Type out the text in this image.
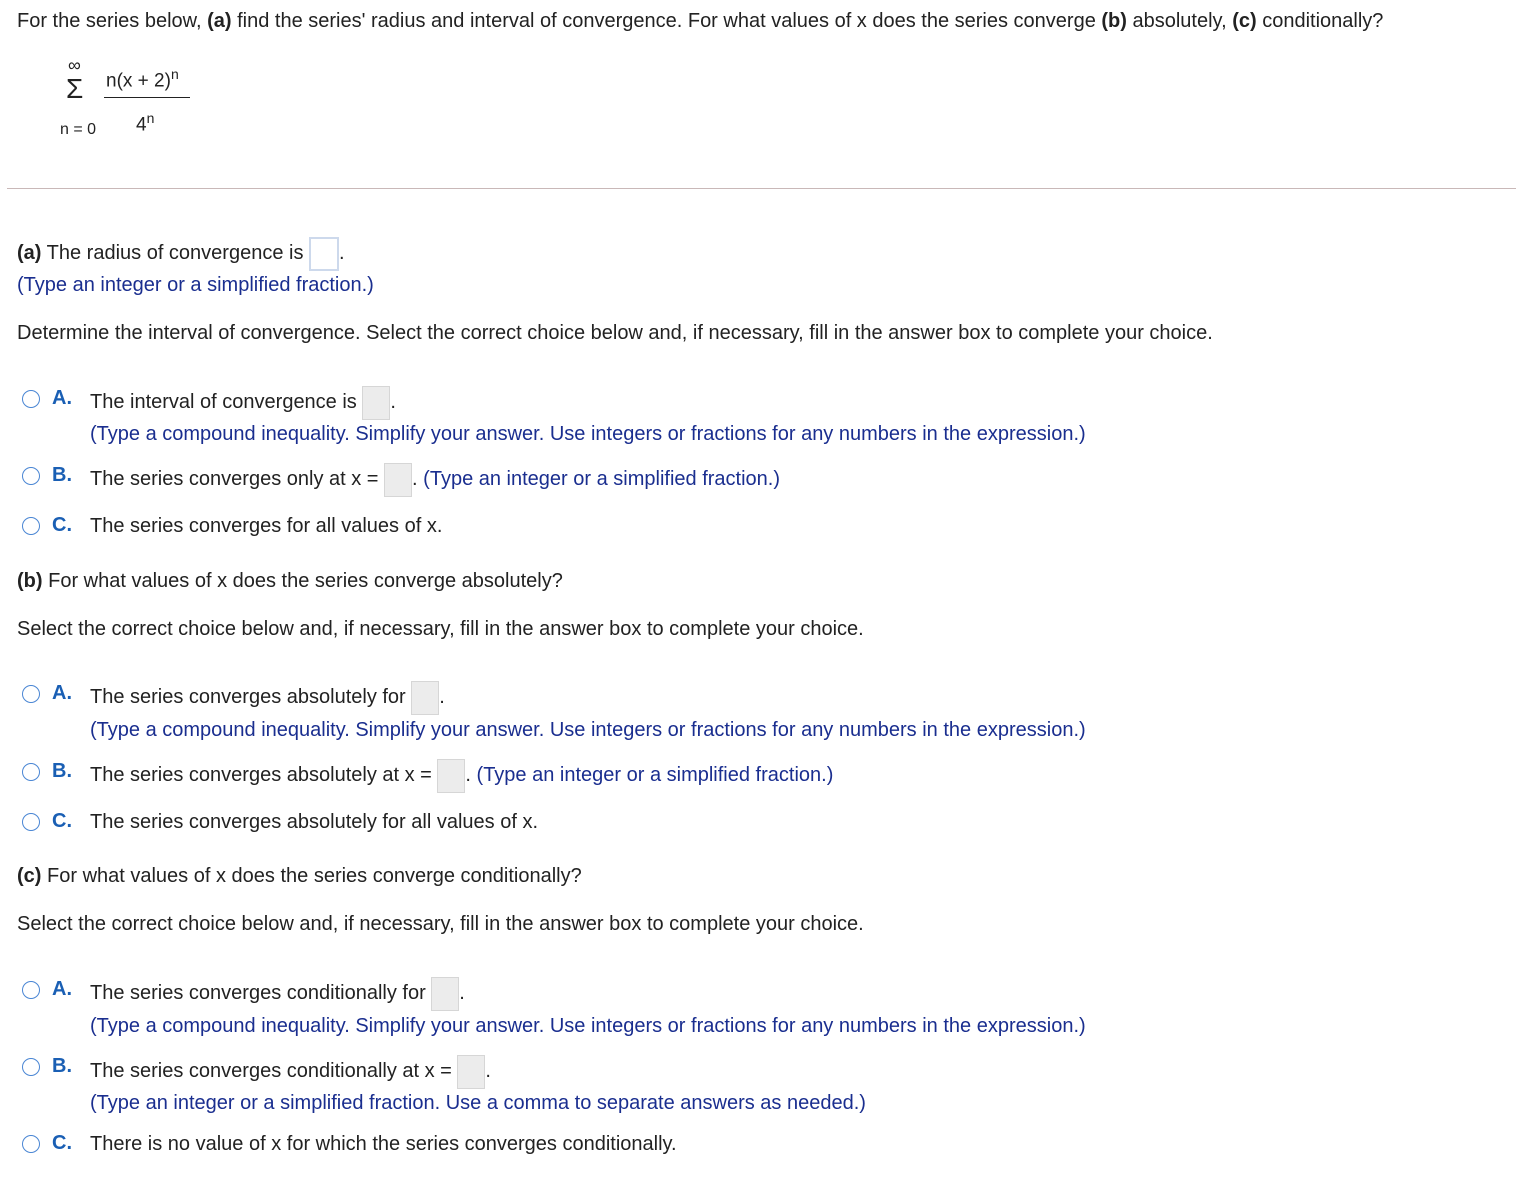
For the series below, (a) find the series' radius and interval of convergence. For what values of x does the series converge (b) absolutely, (c) conditionally?
∞
Σ
n = 0
$n(x + 2)^n$
4$^n$
(a) The radius of convergence is .
(Type an integer or a simplified fraction.)
Determine the interval of convergence. Select the correct choice below and, if necessary, fill in the answer box to complete your choice.
A. The interval of convergence is .
(Type a compound inequality. Simplify your answer. Use integers or fractions for any numbers in the expression.)
B. The series converges only at x = . (Type an integer or a simplified fraction.)
C. The series converges for all values of x.
(b) For what values of x does the series converge absolutely?
Select the correct choice below and, if necessary, fill in the answer box to complete your choice.
A. The series converges absolutely for .
(Type a compound inequality. Simplify your answer. Use integers or fractions for any numbers in the expression.)
B. The series converges absolutely at x = . (Type an integer or a simplified fraction.)
C. The series converges absolutely for all values of x.
(c) For what values of x does the series converge conditionally?
Select the correct choice below and, if necessary, fill in the answer box to complete your choice.
A. The series converges conditionally for .
(Type a compound inequality. Simplify your answer. Use integers or fractions for any numbers in the expression.)
B. The series converges conditionally at x = .
(Type an integer or a simplified fraction. Use a comma to separate answers as needed.)
C. There is no value of x for which the series converges conditionally.
